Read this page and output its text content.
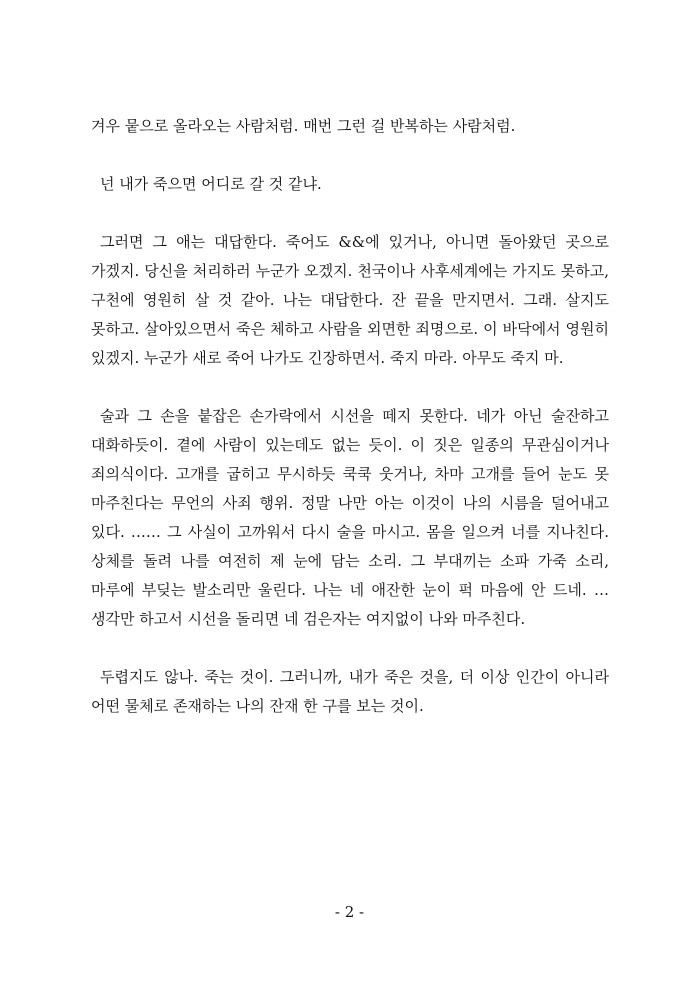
겨우 뭍으로 올라오는 사람처럼. 매번 그런 걸 반복하는 사람처럼.

넌 내가 죽으면 어디로 갈 것 같냐.

그러면 그 애는 대답한다. 죽어도 &&에 있거나, 아니면 돌아왔던 곳으로 가겠지. 당신을 처리하러 누군가 오겠지. 천국이나 사후세계에는 가지도 못하고, 구천에 영원히 살 것 같아. 나는 대답한다. 잔 끝을 만지면서. 그래. 살지도 못하고. 살아있으면서 죽은 체하고 사람을 외면한 죄명으로. 이 바닥에서 영원히 있겠지. 누군가 새로 죽어 나가도 긴장하면서. 죽지 마라. 아무도 죽지 마.

술과 그 손을 붙잡은 손가락에서 시선을 떼지 못한다. 네가 아닌 술잔하고 대화하듯이. 곁에 사람이 있는데도 없는 듯이. 이 짓은 일종의 무관심이거나 죄의식이다. 고개를 굽히고 무시하듯 쿡쿡 웃거나, 차마 고개를 들어 눈도 못 마주친다는 무언의 사죄 행위. 정말 나만 아는 이것이 나의 시름을 덜어내고 있다. …… 그 사실이 고까워서 다시 술을 마시고. 몸을 일으켜 너를 지나친다. 상체를 돌려 나를 여전히 제 눈에 담는 소리. 그 부대끼는 소파 가죽 소리, 마루에 부딪는 발소리만 울린다. 나는 네 애잔한 눈이 퍽 마음에 안 드네. … 생각만 하고서 시선을 돌리면 네 검은자는 여지없이 나와 마주친다.

두렵지도 않나. 죽는 것이. 그러니까, 내가 죽은 것을, 더 이상 인간이 아니라 어떤 물체로 존재하는 나의 잔재 한 구를 보는 것이.

- 2 -
